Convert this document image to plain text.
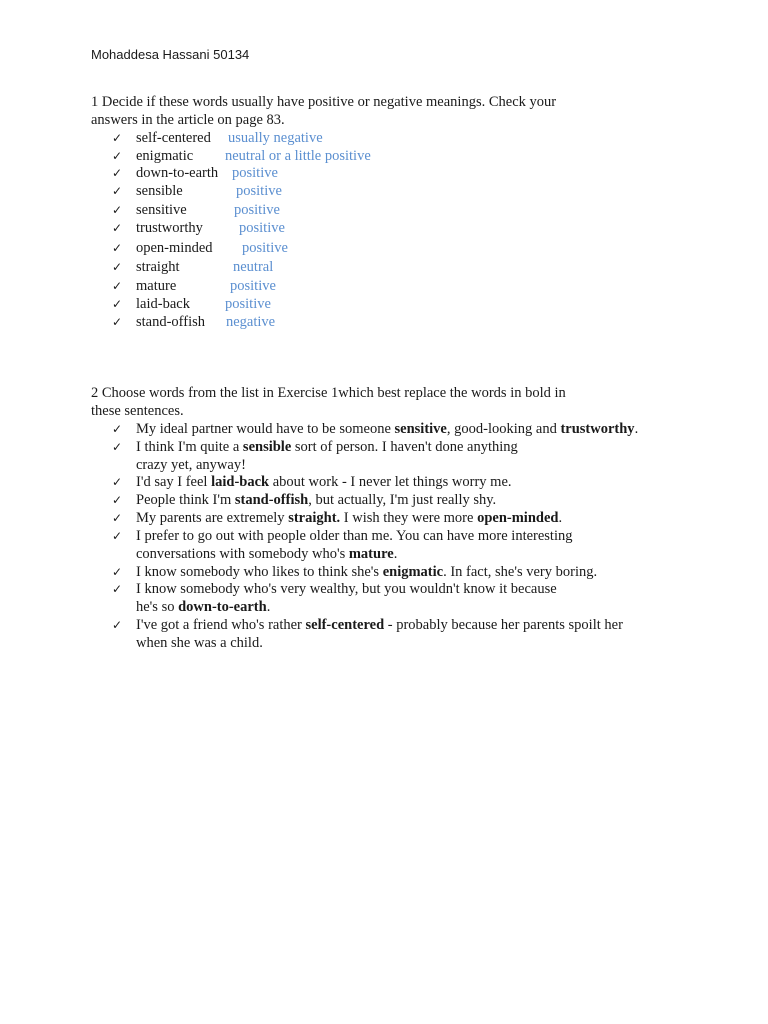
Mohaddesa Hassani 50134
1 Decide if these words usually have positive or negative meanings. Check your
answers in the article on page 83.
✓ self-centered usually negative
✓ enigmatic neutral or a little positive
✓ down-to-earth positive
✓ sensible	positive
✓ sensitive	positive
✓ trustworthy positive
✓ open-minded positive
✓ straight	neutral
✓ mature	positive
✓ laid-back positive
✓ stand-offish negative
2 Choose words from the list in Exercise 1which best replace the words in bold in
these sentences.
✓ My ideal partner would have to be someone sensitive, good-looking and trustworthy.
✓ I think I'm quite a sensible sort of person. I haven't done anything
crazy yet, anyway!
✓ I'd say I feel laid-back about work - I never let things worry me.
✓ People think I'm stand-offish, but actually, I'm just really shy.
✓ My parents are extremely straight. I wish they were more open-minded.
✓ I prefer to go out with people older than me. You can have more interesting
conversations with somebody who's mature.
✓ I know somebody who likes to think she's enigmatic. In fact, she's very boring.
✓ I know somebody who's very wealthy, but you wouldn't know it because
he's so down-to-earth.
✓ I've got a friend who's rather self-centered - probably because her parents spoilt her
when she was a child.
